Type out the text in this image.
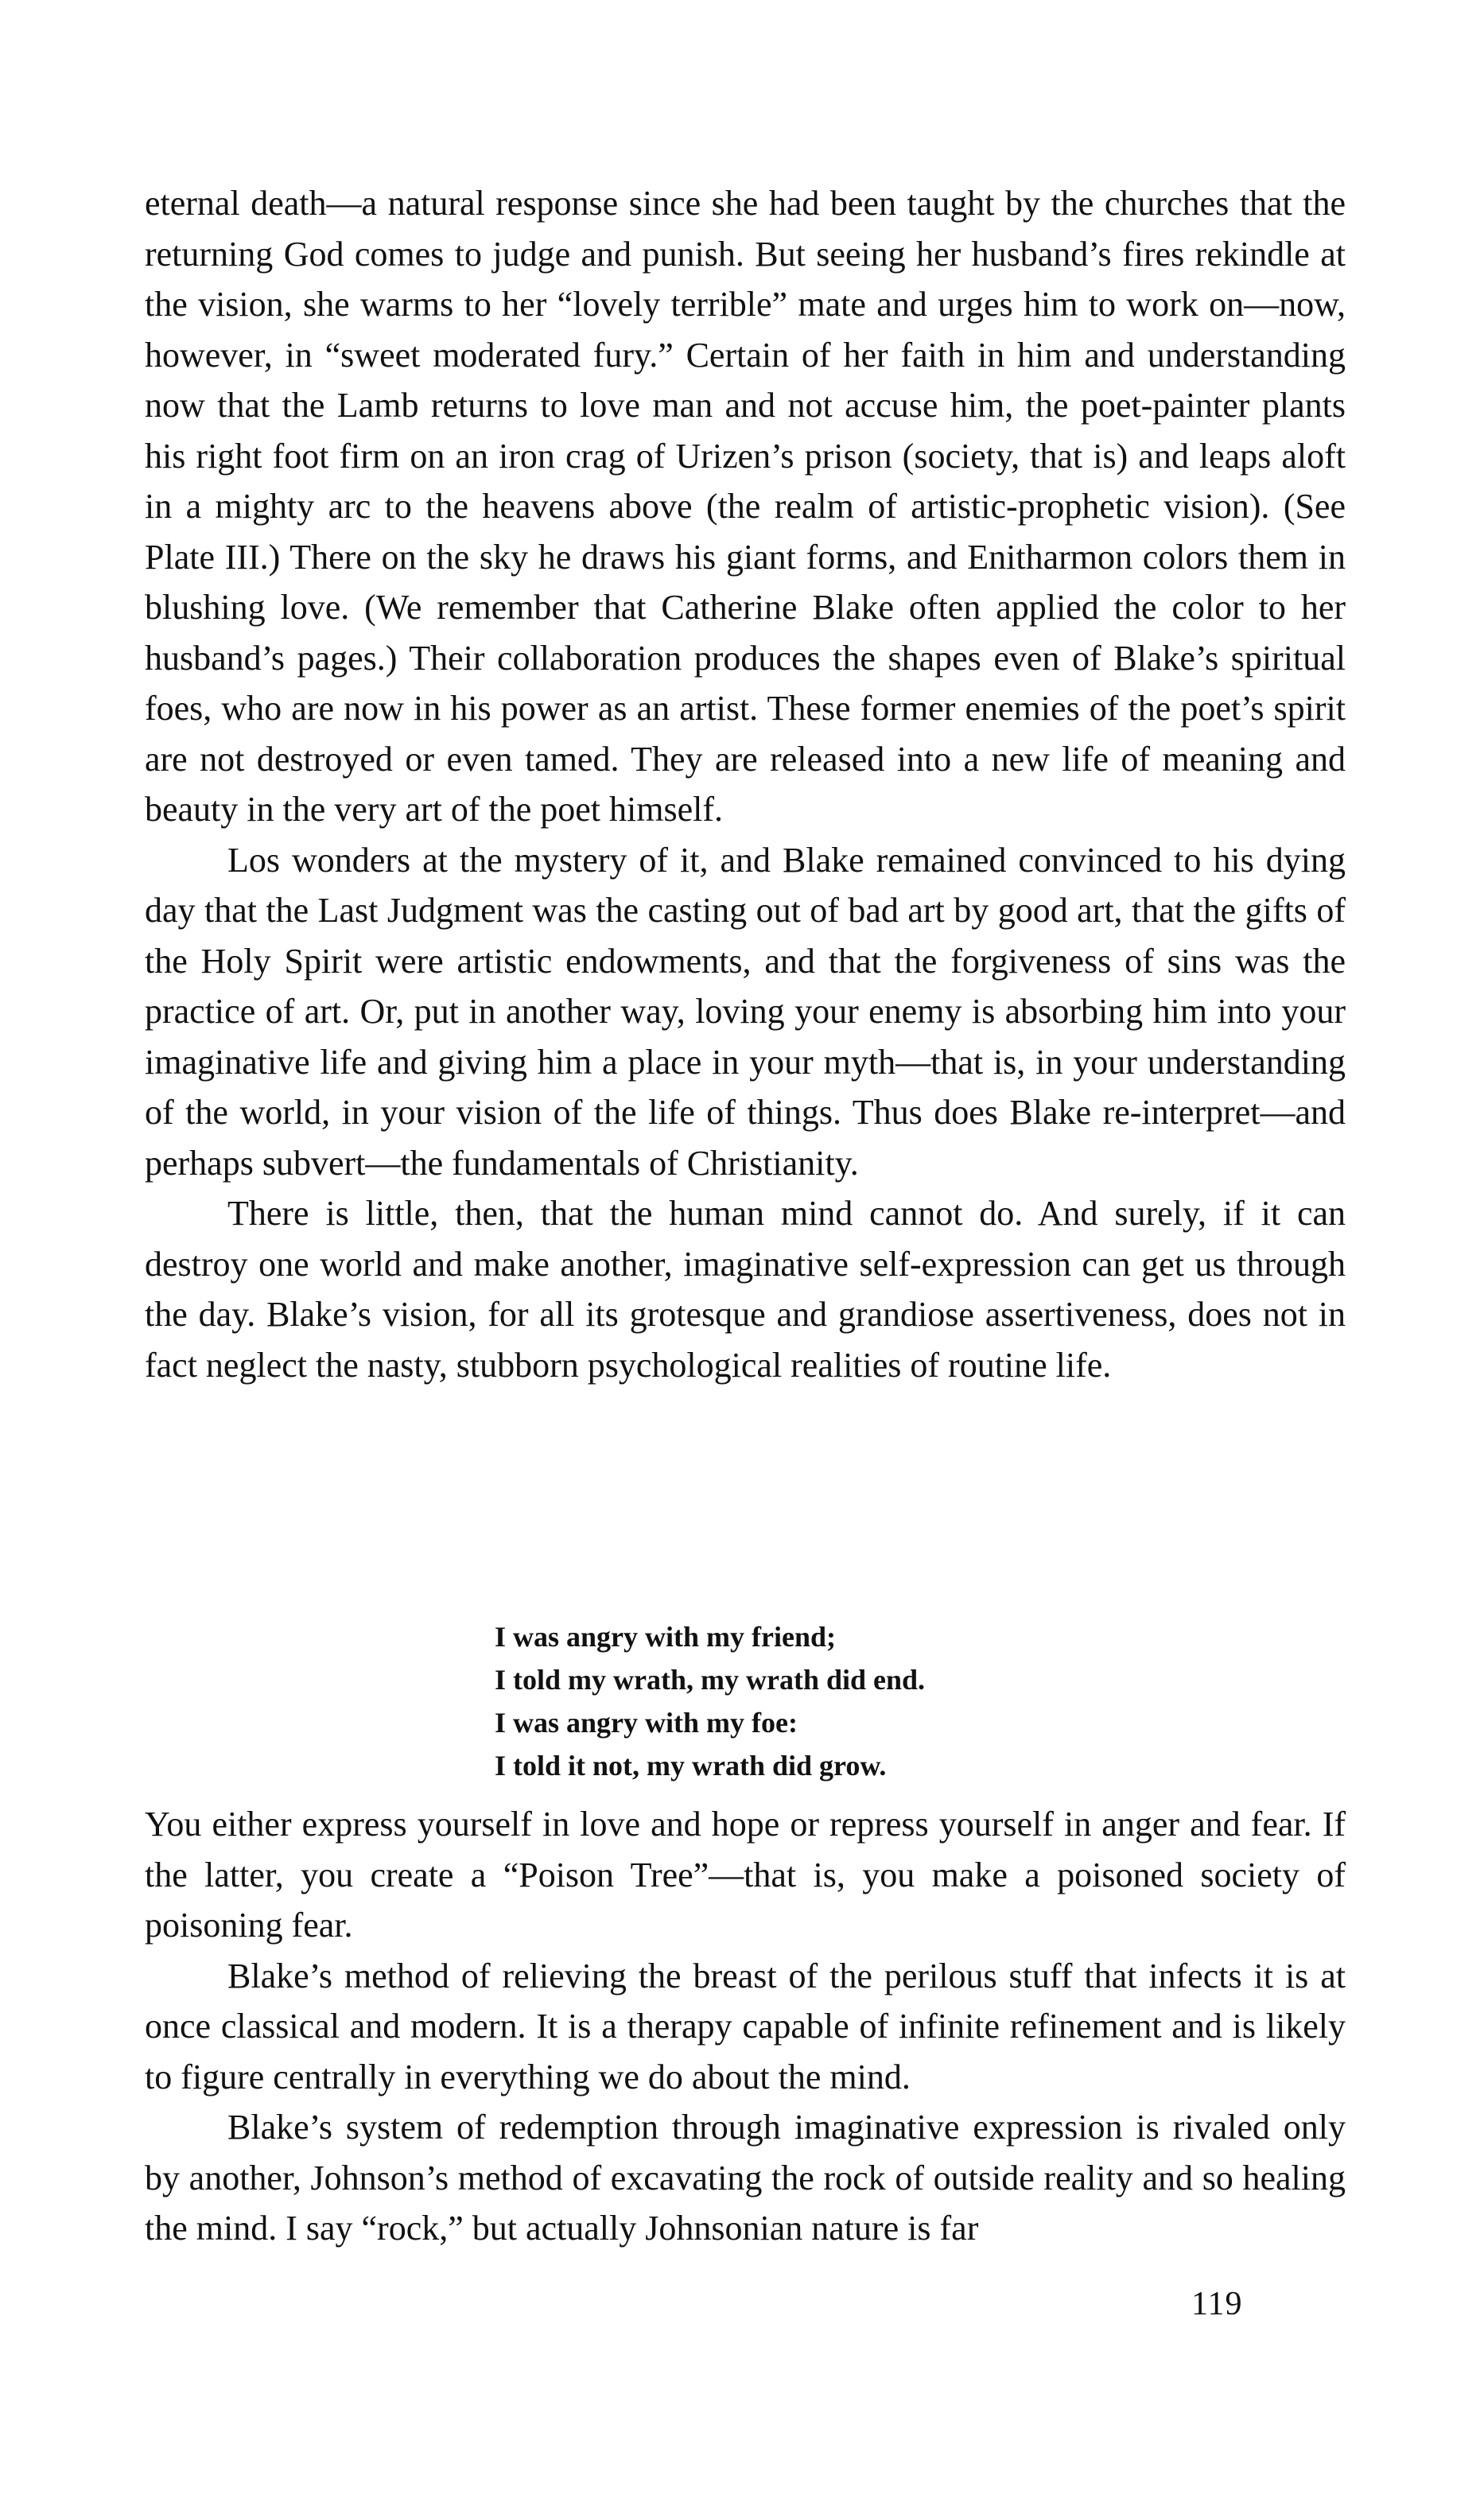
eternal death—a natural response since she had been taught by the churches that the returning God comes to judge and punish. But seeing her husband’s fires rekindle at the vision, she warms to her “lovely terrible” mate and urges him to work on—now, however, in “sweet moderated fury.” Certain of her faith in him and understanding now that the Lamb returns to love man and not accuse him, the poet-painter plants his right foot firm on an iron crag of Urizen’s prison (society, that is) and leaps aloft in a mighty arc to the heavens above (the realm of artistic-prophetic vision). (See Plate III.) There on the sky he draws his giant forms, and Enitharmon colors them in blushing love. (We remember that Catherine Blake often applied the color to her husband’s pages.) Their collaboration produces the shapes even of Blake’s spiritual foes, who are now in his power as an artist. These former enemies of the poet’s spirit are not destroyed or even tamed. They are released into a new life of meaning and beauty in the very art of the poet himself.

Los wonders at the mystery of it, and Blake remained convinced to his dying day that the Last Judgment was the casting out of bad art by good art, that the gifts of the Holy Spirit were artistic endowments, and that the forgiveness of sins was the practice of art. Or, put in another way, loving your enemy is absorbing him into your imaginative life and giving him a place in your myth—that is, in your understanding of the world, in your vision of the life of things. Thus does Blake re-interpret—and perhaps subvert—the fundamentals of Christianity.

There is little, then, that the human mind cannot do. And surely, if it can destroy one world and make another, imaginative self-expression can get us through the day. Blake’s vision, for all its grotesque and grandiose assertiveness, does not in fact neglect the nasty, stubborn psychological realities of routine life.

I was angry with my friend;
I told my wrath, my wrath did end.
I was angry with my foe:
I told it not, my wrath did grow.

You either express yourself in love and hope or repress yourself in anger and fear. If the latter, you create a “Poison Tree”—that is, you make a poisoned society of poisoning fear.

Blake’s method of relieving the breast of the perilous stuff that infects it is at once classical and modern. It is a therapy capable of infinite refinement and is likely to figure centrally in everything we do about the mind.

Blake’s system of redemption through imaginative expression is rivaled only by another, Johnson’s method of excavating the rock of outside reality and so healing the mind. I say “rock,” but actually Johnsonian nature is far

119
